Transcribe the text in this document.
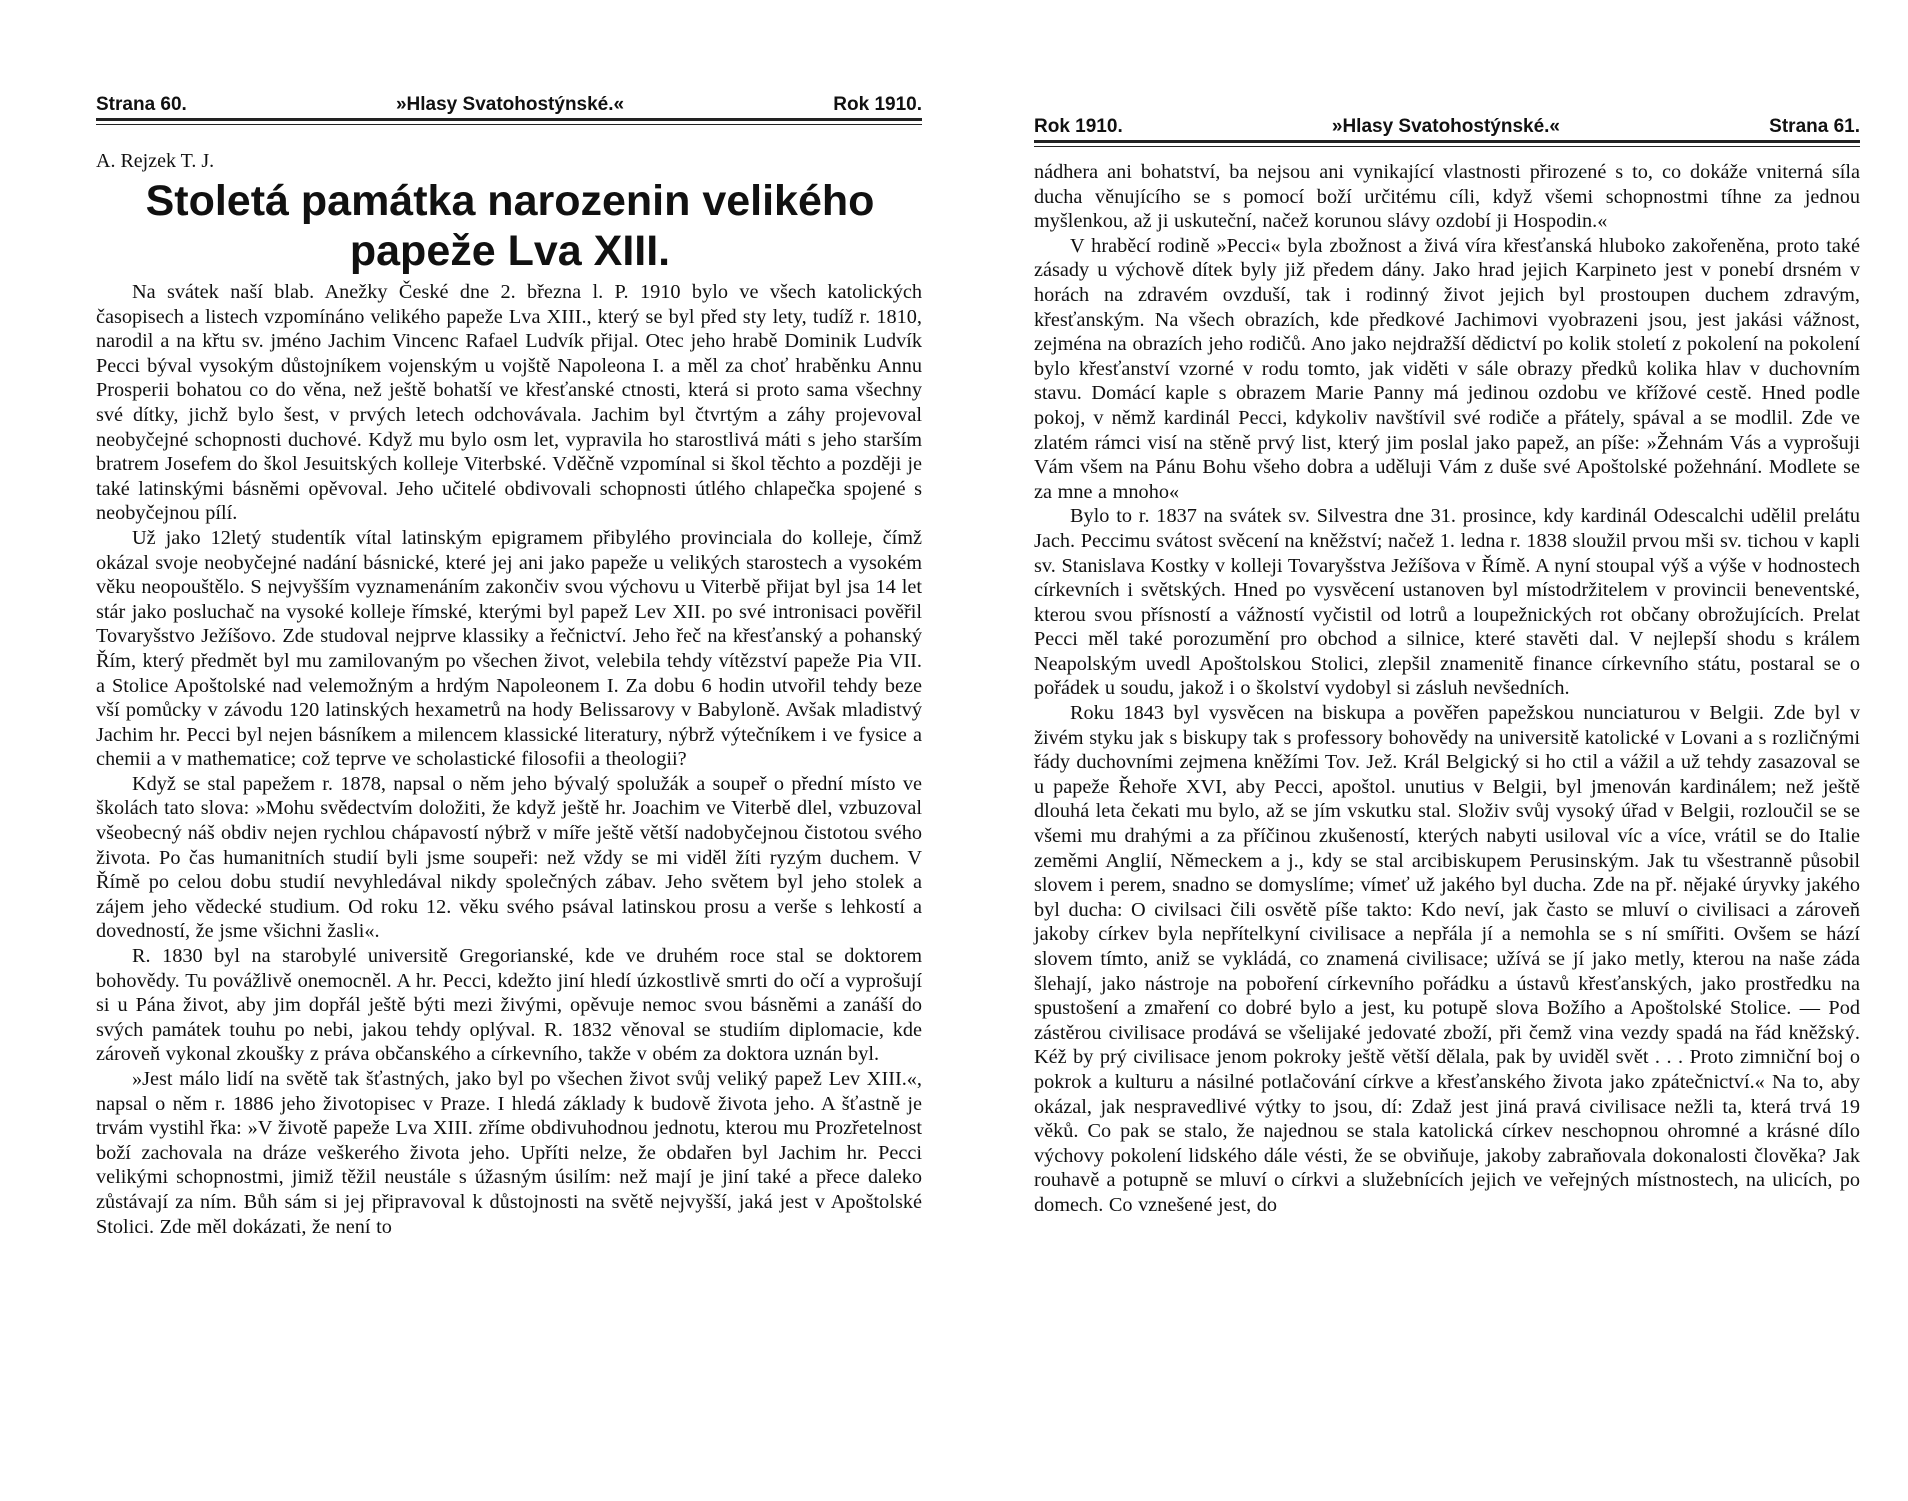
Strana 60.	»Hlasy Svatohostýnské.«	Rok 1910.
A. Rejzek T. J.
Stoletá památka narozenin velikého papeže Lva XIII.

Na svátek naší blab. Anežky České dne 2. března l. P. 1910 bylo ve všech katolických časopisech a listech vzpomínáno velikého papeže Lva XIII., který se byl před sty lety, tudíž r. 1810, narodil a na křtu sv. jméno Jachim Vincenc Rafael Ludvík přijal. Otec jeho hrabě Dominik Ludvík Pecci býval vysokým důstojníkem vojenským u vojště Napoleona I. a měl za choť hraběnku Annu Prosperii bohatou co do věna, než ještě bohatší ve křesťanské ctnosti, která si proto sama všechny své dítky, jichž bylo šest, v prvých letech odchovávala. Jachim byl čtvrtým a záhy projevoval neobyčejné schopnosti duchové. Když mu bylo osm let, vypravila ho starostlivá máti s jeho starším bratrem Josefem do škol Jesuitských kolleje Viterbské. Vděčně vzpomínal si škol těchto a později je také latinskými básněmi opěvoval. Jeho učitelé obdivovali schopnosti útlého chlapečka spojené s neobyčejnou pílí.

Už jako 12letý studentík vítal latinským epigramem přibylého provinciala do kolleje, čímž okázal svoje neobyčejné nadání básnické, které jej ani jako papeže u velikých starostech a vysokém věku neopouštělo. S nejvyšším vyznamenáním zakončiv svou výchovu u Viterbě přijat byl jsa 14 let stár jako posluchač na vysoké kolleje římské, kterými byl papež Lev XII. po své intronisaci pověřil Tovaryšstvo Ježíšovo. Zde studoval nejprve klassiky a řečnictví. Jeho řeč na křesťanský a pohanský Řím, který předmět byl mu zamilovaným po všechen život, velebila tehdy vítězství papeže Pia VII. a Stolice Apoštolské nad velemožným a hrdým Napoleonem I. Za dobu 6 hodin utvořil tehdy beze vší pomůcky v závodu 120 latinských hexametrů na hody Belissarovy v Babyloně. Avšak mladistvý Jachim hr. Pecci byl nejen básníkem a milencem klassické literatury, nýbrž výtečníkem i ve fysice a chemii a v mathematice; což teprve ve scholastické filosofii a theologii?

Když se stal papežem r. 1878, napsal o něm jeho bývalý spolužák a soupeř o přední místo ve školách tato slova: »Mohu svědectvím doložiti, že když ještě hr. Joachim ve Viterbě dlel, vzbuzoval všeobecný náš obdiv nejen rychlou chápavostí nýbrž v míře ještě větší nadobyčejnou čistotou svého života. Po čas humanitních studií byli jsme soupeři: než vždy se mi viděl žíti ryzým duchem. V Římě po celou dobu studií nevyhledával nikdy společných zábav. Jeho světem byl jeho stolek a zájem jeho vědecké studium. Od roku 12. věku svého psával latinskou prosu a verše s lehkostí a dovedností, že jsme všichni žasli«.

R. 1830 byl na starobylé universitě Gregorianské, kde ve druhém roce stal se doktorem bohovědy. Tu povážlivě onemocněl. A hr. Pecci, kdežto jiní hledí úzkostlivě smrti do očí a vyprošují si u Pána život, aby jim dopřál ještě býti mezi živými, opěvuje nemoc svou básněmi a zanáší do svých památek touhu po nebi, jakou tehdy oplýval. R. 1832 věnoval se studiím diplomacie, kde zároveň vykonal zkoušky z práva občanského a církevního, takže v obém za doktora uznán byl.

»Jest málo lidí na světě tak šťastných, jako byl po všechen život svůj veliký papež Lev XIII.«, napsal o něm r. 1886 jeho životopisec v Praze. I hledá základy k budově života jeho. A šťastně je trvám vystihl řka: »V životě papeže Lva XIII. zříme obdivuhodnou jednotu, kterou mu Prozřetelnost boží zachovala na dráze veškerého života jeho. Upříti nelze, že obdařen byl Jachim hr. Pecci velikými schopnostmi, jimiž těžil neustále s úžasným úsilím: než mají je jiní také a přece daleko zůstávají za ním. Bůh sám si jej připravoval k důstojnosti na světě nejvyšší, jaká jest v Apoštolské Stolici. Zde měl dokázati, že není to

Rok 1910.	»Hlasy Svatohostýnské.«	Strana 61.

nádhera ani bohatství, ba nejsou ani vynikající vlastnosti přirozené s to, co dokáže vniterná síla ducha věnujícího se s pomocí boží určitému cíli, když všemi schopnostmi tíhne za jednou myšlenkou, až ji uskuteční, načež korunou slávy ozdobí ji Hospodin.«

V hraběcí rodině »Pecci« byla zbožnost a živá víra křesťanská hluboko zakořeněna, proto také zásady u výchově dítek byly již předem dány. Jako hrad jejich Karpineto jest v ponebí drsném v horách na zdravém ovzduší, tak i rodinný život jejich byl prostoupen duchem zdravým, křesťanským. Na všech obrazích, kde předkové Jachimovi vyobrazeni jsou, jest jakási vážnost, zejména na obrazích jeho rodičů. Ano jako nejdražší dědictví po kolik století z pokolení na pokolení bylo křesťanství vzorné v rodu tomto, jak viděti v sále obrazy předků kolika hlav v duchovním stavu. Domácí kaple s obrazem Marie Panny má jedinou ozdobu ve křížové cestě. Hned podle pokoj, v němž kardinál Pecci, kdykoliv navštívil své rodiče a přátely, spával a se modlil. Zde ve zlatém rámci visí na stěně prvý list, který jim poslal jako papež, an píše: »Žehnám Vás a vyprošuji Vám všem na Pánu Bohu všeho dobra a uděluji Vám z duše své Apoštolské požehnání. Modlete se za mne a mnoho«

Bylo to r. 1837 na svátek sv. Silvestra dne 31. prosince, kdy kardinál Odescalchi udělil prelátu Jach. Peccimu svátost svěcení na kněžství; načež 1. ledna r. 1838 sloužil prvou mši sv. tichou v kapli sv. Stanislava Kostky v kolleji Tovaryšstva Ježíšova v Římě. A nyní stoupal výš a výše v hodnostech církevních i světských. Hned po vysvěcení ustanoven byl místodržitelem v provincii beneventské, kterou svou přísností a vážností vyčistil od lotrů a loupežnických rot občany obrožujících. Prelat Pecci měl také porozumění pro obchod a silnice, které stavěti dal. V nejlepší shodu s králem Neapolským uvedl Apoštolskou Stolici, zlepšil znamenitě finance církevního státu, postaral se o pořádek u soudu, jakož i o školství vydobyl si zásluh nevšedních.

Roku 1843 byl vysvěcen na biskupa a pověřen papežskou nunciaturou v Belgii. Zde byl v živém styku jak s biskupy tak s professory bohovědy na universitě katolické v Lovani a s rozličnými řády duchovními zejmena kněžími Tov. Jež. Král Belgický si ho ctil a vážil a už tehdy zasazoval se u papeže Řehoře XVI, aby Pecci, apoštol. unutius v Belgii, byl jmenován kardinálem; než ještě dlouhá leta čekati mu bylo, až se jím vskutku stal. Složiv svůj vysoký úřad v Belgii, rozloučil se se všemi mu drahými a za příčinou zkušeností, kterých nabyti usiloval víc a více, vrátil se do Italie zeměmi Anglií, Německem a j., kdy se stal arcibiskupem Perusinským. Jak tu všestranně působil slovem i perem, snadno se domyslíme; vímeť už jakého byl ducha. Zde na př. nějaké úryvky jakého byl ducha: O civilsaci čili osvětě píše takto: Kdo neví, jak často se mluví o civilisaci a zároveň jakoby církev byla nepřítelkyní civilisace a nepřála jí a nemohla se s ní smířiti. Ovšem se hází slovem tímto, aniž se vykládá, co znamená civilisace; užívá se jí jako metly, kterou na naše záda šlehají, jako nástroje na poboření církevního pořádku a ústavů křesťanských, jako prostředku na spustošení a zmaření co dobré bylo a jest, ku potupě slova Božího a Apoštolské Stolice. — Pod zástěrou civilisace prodává se všelijaké jedovaté zboží, při čemž vina vezdy spadá na řád kněžský. Kéž by prý civilisace jenom pokroky ještě větší dělala, pak by uviděl svět . . . Proto zimniční boj o pokrok a kulturu a násilné potlačování církve a křesťanského života jako zpátečnictví.« Na to, aby okázal, jak nespravedlivé výtky to jsou, dí: Zdaž jest jiná pravá civilisace nežli ta, která trvá 19 věků. Co pak se stalo, že najednou se stala katolická církev neschopnou ohromné a krásné dílo výchovy pokolení lidského dále vésti, že se obviňuje, jakoby zabraňovala dokonalosti člověka? Jak rouhavě a potupně se mluví o církvi a služebnících jejich ve veřejných místnostech, na ulicích, po domech. Co vznešené jest, do
